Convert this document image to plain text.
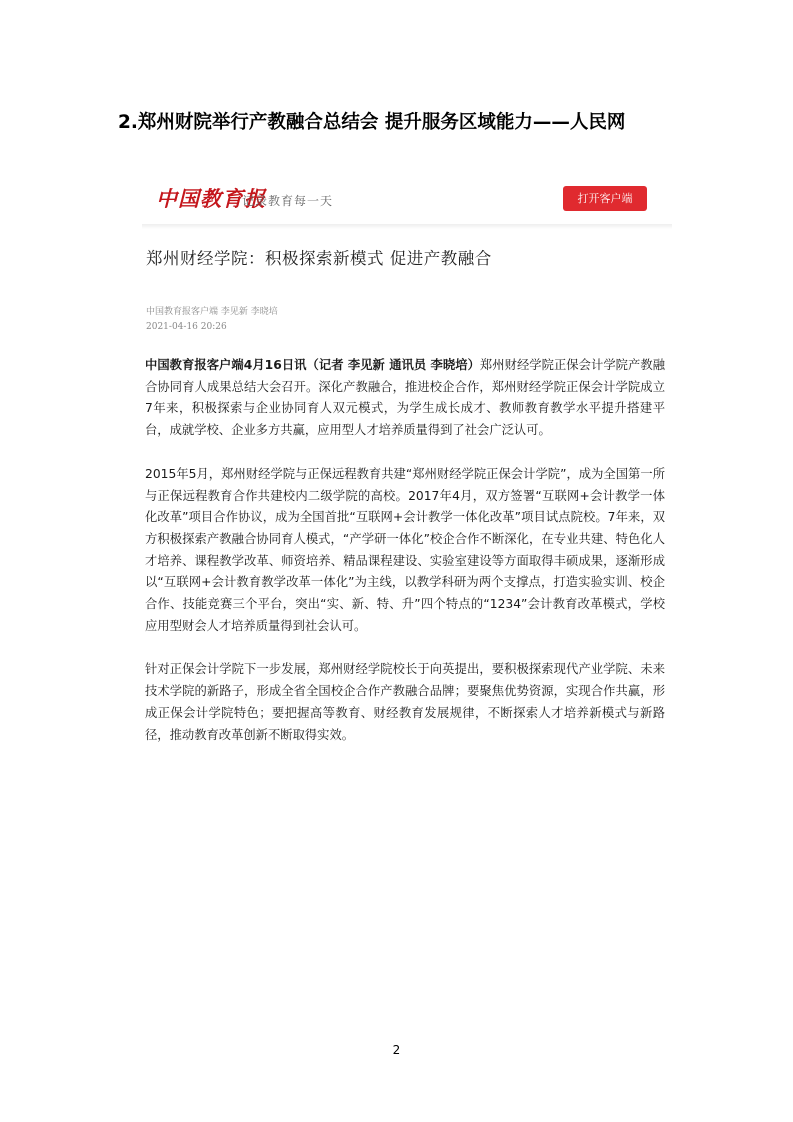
2.郑州财院举行产教融合总结会 提升服务区域能力——人民网
中国教育报
记录教育每一天	打开客户端
郑州财经学院：积极探索新模式 促进产教融合
中国教育报客户端 李见新 李晓培
2021-04-16 20:26

中国教育报客户端4月16日讯（记者 李见新 通讯员 李晓培）郑州财经学院正保会计学院产教融合协同育人成果总结大会召开。深化产教融合，推进校企合作，郑州财经学院正保会计学院成立7年来，积极探索与企业协同育人双元模式，为学生成长成才、教师教育教学水平提升搭建平台，成就学校、企业多方共赢，应用型人才培养质量得到了社会广泛认可。

2015年5月，郑州财经学院与正保远程教育共建“郑州财经学院正保会计学院”，成为全国第一所与正保远程教育合作共建校内二级学院的高校。2017年4月，双方签署“互联网+会计教学一体化改革”项目合作协议，成为全国首批“互联网+会计教学一体化改革”项目试点院校。7年来，双方积极探索产教融合协同育人模式，“产学研一体化”校企合作不断深化，在专业共建、特色化人才培养、课程教学改革、师资培养、精品课程建设、实验室建设等方面取得丰硕成果，逐渐形成以“互联网+会计教育教学改革一体化”为主线，以教学科研为两个支撑点，打造实验实训、校企合作、技能竞赛三个平台，突出“实、新、特、升”四个特点的“1234”会计教育改革模式，学校应用型财会人才培养质量得到社会认可。

针对正保会计学院下一步发展，郑州财经学院校长于向英提出，要积极探索现代产业学院、未来技术学院的新路子，形成全省全国校企合作产教融合品牌；要聚焦优势资源，实现合作共赢，形成正保会计学院特色；要把握高等教育、财经教育发展规律，不断探索人才培养新模式与新路径，推动教育改革创新不断取得实效。

2
